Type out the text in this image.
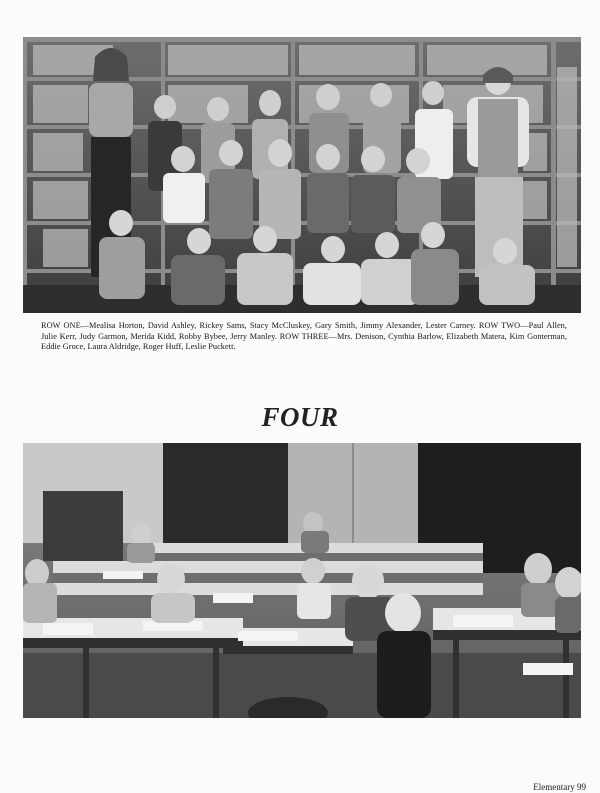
ROW ONE—Mealisa Horton, David Ashley, Rickey Sams, Stacy McCluskey, Gary Smith, Jimmy Alexander, Lester Carney. ROW TWO—Paul Allen, Julie Kerr, Judy Garmon, Merida Kidd, Robby Bybee, Jerry Manley. ROW THREE—Mrs. Denison, Cynthia Barlow, Elizabeth Matera, Kim Gonterman, Eddie Groce, Laura Aldridge, Roger Huff, Leslie Puckett.
FOUR
Elementary 99
